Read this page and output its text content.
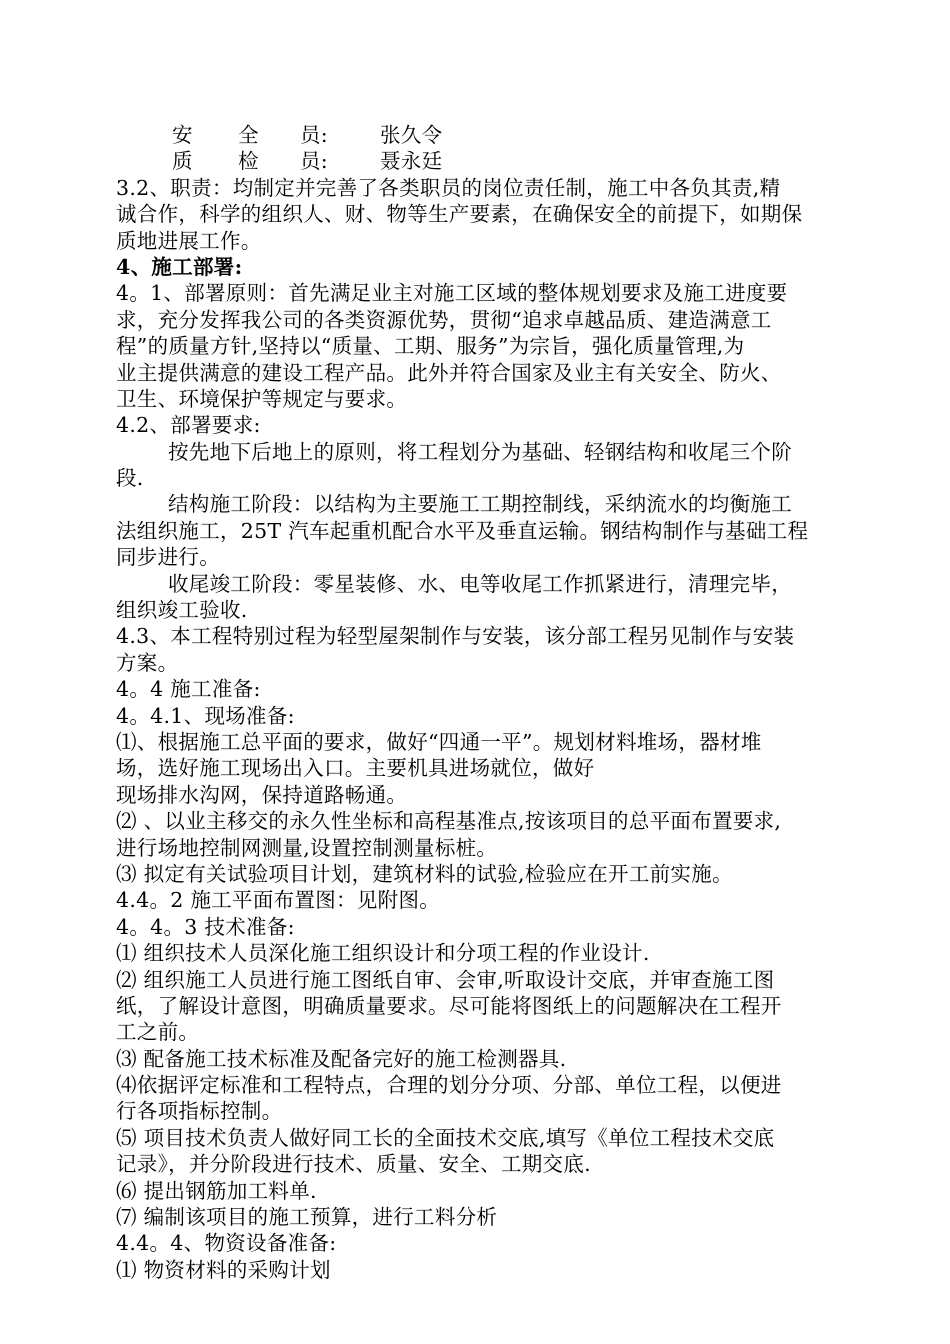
安 全 员:	张久令
质 检 员:	聂永廷
3.2、职责：均制定并完善了各类职员的岗位责任制，施工中各负其责,精
诚合作，科学的组织人、财、物等生产要素，在确保安全的前提下，如期保
质地进展工作。
4、施工部署:
4。1、部署原则：首先满足业主对施工区域的整体规划要求及施工进度要
求，充分发挥我公司的各类资源优势，贯彻“追求卓越品质、建造满意工
程”的质量方针,坚持以“质量、工期、服务”为宗旨，强化质量管理,为
业主提供满意的建设工程产品。此外并符合国家及业主有关安全、防火、
卫生、环境保护等规定与要求。
4.2、部署要求:
按先地下后地上的原则，将工程划分为基础、轻钢结构和收尾三个阶
段.
结构施工阶段：以结构为主要施工工期控制线，采纳流水的均衡施工
法组织施工，25T 汽车起重机配合水平及垂直运输。钢结构制作与基础工程
同步进行。
收尾竣工阶段：零星装修、水、电等收尾工作抓紧进行，清理完毕，
组织竣工验收.
4.3、本工程特别过程为轻型屋架制作与安装，该分部工程另见制作与安装
方案。
4。4 施工准备:
4。4.1、现场准备:
⑴、根据施工总平面的要求，做好“四通一平”。规划材料堆场，器材堆
场，选好施工现场出入口。主要机具进场就位，做好
现场排水沟网，保持道路畅通。
⑵ 、以业主移交的永久性坐标和高程基准点,按该项目的总平面布置要求,
进行场地控制网测量,设置控制测量标桩。
⑶ 拟定有关试验项目计划，建筑材料的试验,检验应在开工前实施。
4.4。2 施工平面布置图：见附图。
4。4。3 技术准备:
⑴ 组织技术人员深化施工组织设计和分项工程的作业设计.
⑵ 组织施工人员进行施工图纸自审、会审,听取设计交底，并审查施工图
纸，了解设计意图，明确质量要求。尽可能将图纸上的问题解决在工程开
工之前。
⑶ 配备施工技术标准及配备完好的施工检测器具.
⑷依据评定标准和工程特点，合理的划分分项、分部、单位工程，以便进
行各项指标控制。
⑸ 项目技术负责人做好同工长的全面技术交底,填写《单位工程技术交底
记录》，并分阶段进行技术、质量、安全、工期交底.
⑹ 提出钢筋加工料单.
⑺ 编制该项目的施工预算，进行工料分析
4.4。4、物资设备准备:
⑴ 物资材料的采购计划
